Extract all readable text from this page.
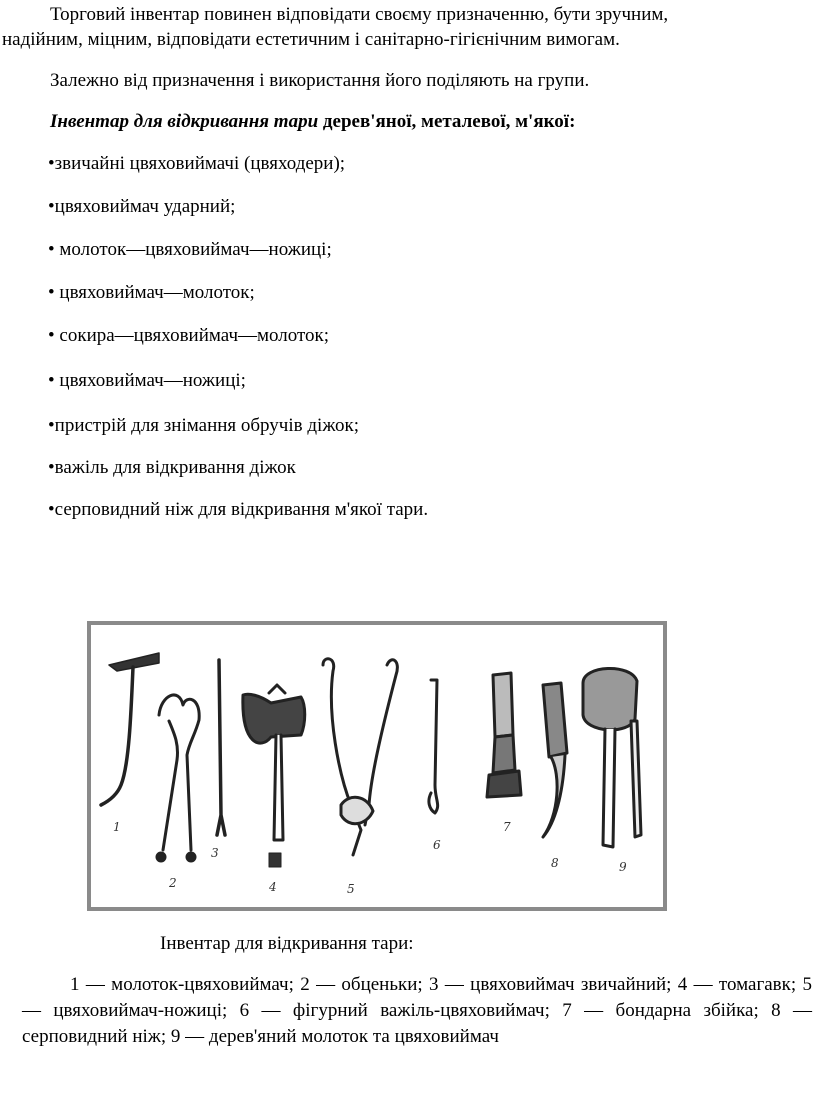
Торговий інвентар повинен відповідати своєму призначенню, бути зручним,
надійним, міцним, відповідати естетичним і санітарно-гігієнічним вимогам.
Залежно від призначення і використання його поділяють на групи.
Інвентар для відкривання тари дерев'яної, металевої, м'якої:
•звичайні цвяховиймачі (цвяходери);
•цвяховиймач ударний;
• молоток—цвяховиймач—ножиці;
• цвяховиймач—молоток;
• сокира—цвяховиймач—молоток;
• цвяховиймач—ножиці;
•пристрій для знімання обручів діжок;
•важіль для відкривання діжок
•серповидний ніж для відкривання м'якої тари.
1
2
3
4	5
6
7
8	9
Інвентар для відкривання тари:
1 — молоток-цвяховиймач; 2 — обценьки; 3 — цвяховиймач звичайний; 4 — томагавк; 5 — цвяховиймач-ножиці; 6 — фігурний важіль-цвяховиймач; 7 — бондарна збійка; 8 — серповидний ніж; 9 — дерев'яний молоток та цвяховиймач
